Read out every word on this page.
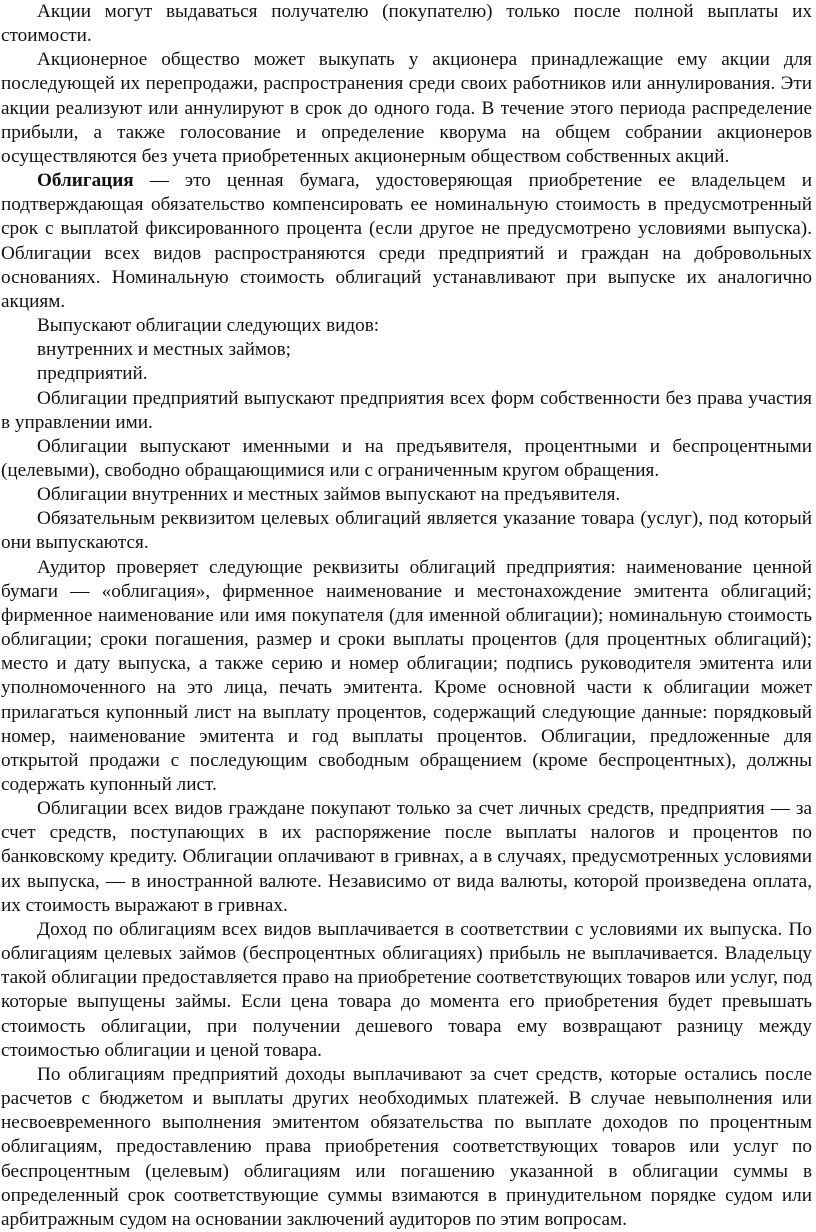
Акции могут выдаваться получателю (покупателю) только после полной выплаты их стоимости.

Акционерное общество может выкупать у акционера принадлежащие ему акции для последующей их перепродажи, распространения среди своих работников или аннулирования. Эти акции реализуют или аннулируют в срок до одного года. В течение этого периода распределение прибыли, а также голосование и определение кворума на общем собрании акционеров осуществляются без учета приобретенных акционерным обществом собственных акций.

Облигация — это ценная бумага, удостоверяющая приобретение ее владельцем и подтверждающая обязательство компенсировать ее номинальную стоимость в предусмотренный срок с выплатой фиксированного процента (если другое не предусмотрено условиями выпуска). Облигации всех видов распространяются среди предприятий и граждан на добровольных основаниях. Номинальную стоимость облигаций устанавливают при выпуске их аналогично акциям.

Выпускают облигации следующих видов:

внутренних и местных займов;

предприятий.

Облигации предприятий выпускают предприятия всех форм собственности без права участия в управлении ими.

Облигации выпускают именными и на предъявителя, процентными и беспроцентными (целевыми), свободно обращающимися или с ограниченным кругом обращения.

Облигации внутренних и местных займов выпускают на предъявителя.

Обязательным реквизитом целевых облигаций является указание товара (услуг), под который они выпускаются.

Аудитор проверяет следующие реквизиты облигаций предприятия: наименование ценной бумаги — «облигация», фирменное наименование и местонахождение эмитента облигаций; фирменное наименование или имя покупателя (для именной облигации); номинальную стоимость облигации; сроки погашения, размер и сроки выплаты процентов (для процентных облигаций); место и дату выпуска, а также серию и номер облигации; подпись руководителя эмитента или уполномоченного на это лица, печать эмитента. Кроме основной части к облигации может прилагаться купонный лист на выплату процентов, содержащий следующие данные: порядковый номер, наименование эмитента и год выплаты процентов. Облигации, предложенные для открытой продажи с последующим свободным обращением (кроме беспроцентных), должны содержать купонный лист.

Облигации всех видов граждане покупают только за счет личных средств, предприятия — за счет средств, поступающих в их распоряжение после выплаты налогов и процентов по банковскому кредиту. Облигации оплачивают в гривнах, а в случаях, предусмотренных условиями их выпуска, — в иностранной валюте. Независимо от вида валюты, которой произведена оплата, их стоимость выражают в гривнах.

Доход по облигациям всех видов выплачивается в соответствии с условиями их выпуска. По облигациям целевых займов (беспроцентных облигациях) прибыль не выплачивается. Владельцу такой облигации предоставляется право на приобретение соответствующих товаров или услуг, под которые выпущены займы. Если цена товара до момента его приобретения будет превышать стоимость облигации, при получении дешевого товара ему возвращают разницу между стоимостью облигации и ценой товара.

По облигациям предприятий доходы выплачивают за счет средств, которые остались после расчетов с бюджетом и выплаты других необходимых платежей. В случае невыполнения или несвоевременного выполнения эмитентом обязательства по выплате доходов по процентным облигациям, предоставлению права приобретения соответствующих товаров или услуг по беспроцентным (целевым) облигациям или погашению указанной в облигации суммы в определенный срок соответствующие суммы взимаются в принудительном порядке судом или арбитражным судом на основании заключений аудиторов по этим вопросам.
